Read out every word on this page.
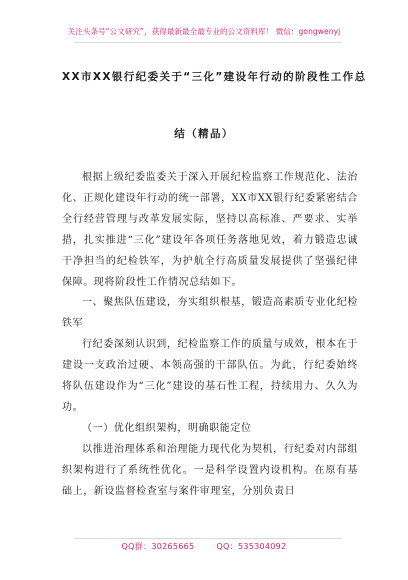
关注头条号“公文研究”，获得最新最全最专业的公文资料库！ 微信：gongwenyj
XX市XX银行纪委关于“三化”建设年行动的阶段性工作总
结（精品）

根据上级纪委监委关于深入开展纪检监察工作规范化、法治化、正规化建设年行动的统一部署，XX市XX银行纪委紧密结合全行经营管理与改革发展实际，坚持以高标准、严要求、实举措，扎实推进“三化”建设年各项任务落地见效，着力锻造忠诚干净担当的纪检铁军，为护航全行高质量发展提供了坚强纪律保障。现将阶段性工作情况总结如下。

一、聚焦队伍建设，夯实组织根基，锻造高素质专业化纪检铁军

行纪委深刻认识到，纪检监察工作的质量与成效，根本在于建设一支政治过硬、本领高强的干部队伍。为此，行纪委始终将队伍建设作为“三化”建设的基石性工程，持续用力、久久为功。

（一）优化组织架构，明确职能定位

以推进治理体系和治理能力现代化为契机，行纪委对内部组织架构进行了系统性优化。一是科学设置内设机构。在原有基础上，新设监督检查室与案件审理室，分别负责日

QQ群：30265665	QQ：535304092
